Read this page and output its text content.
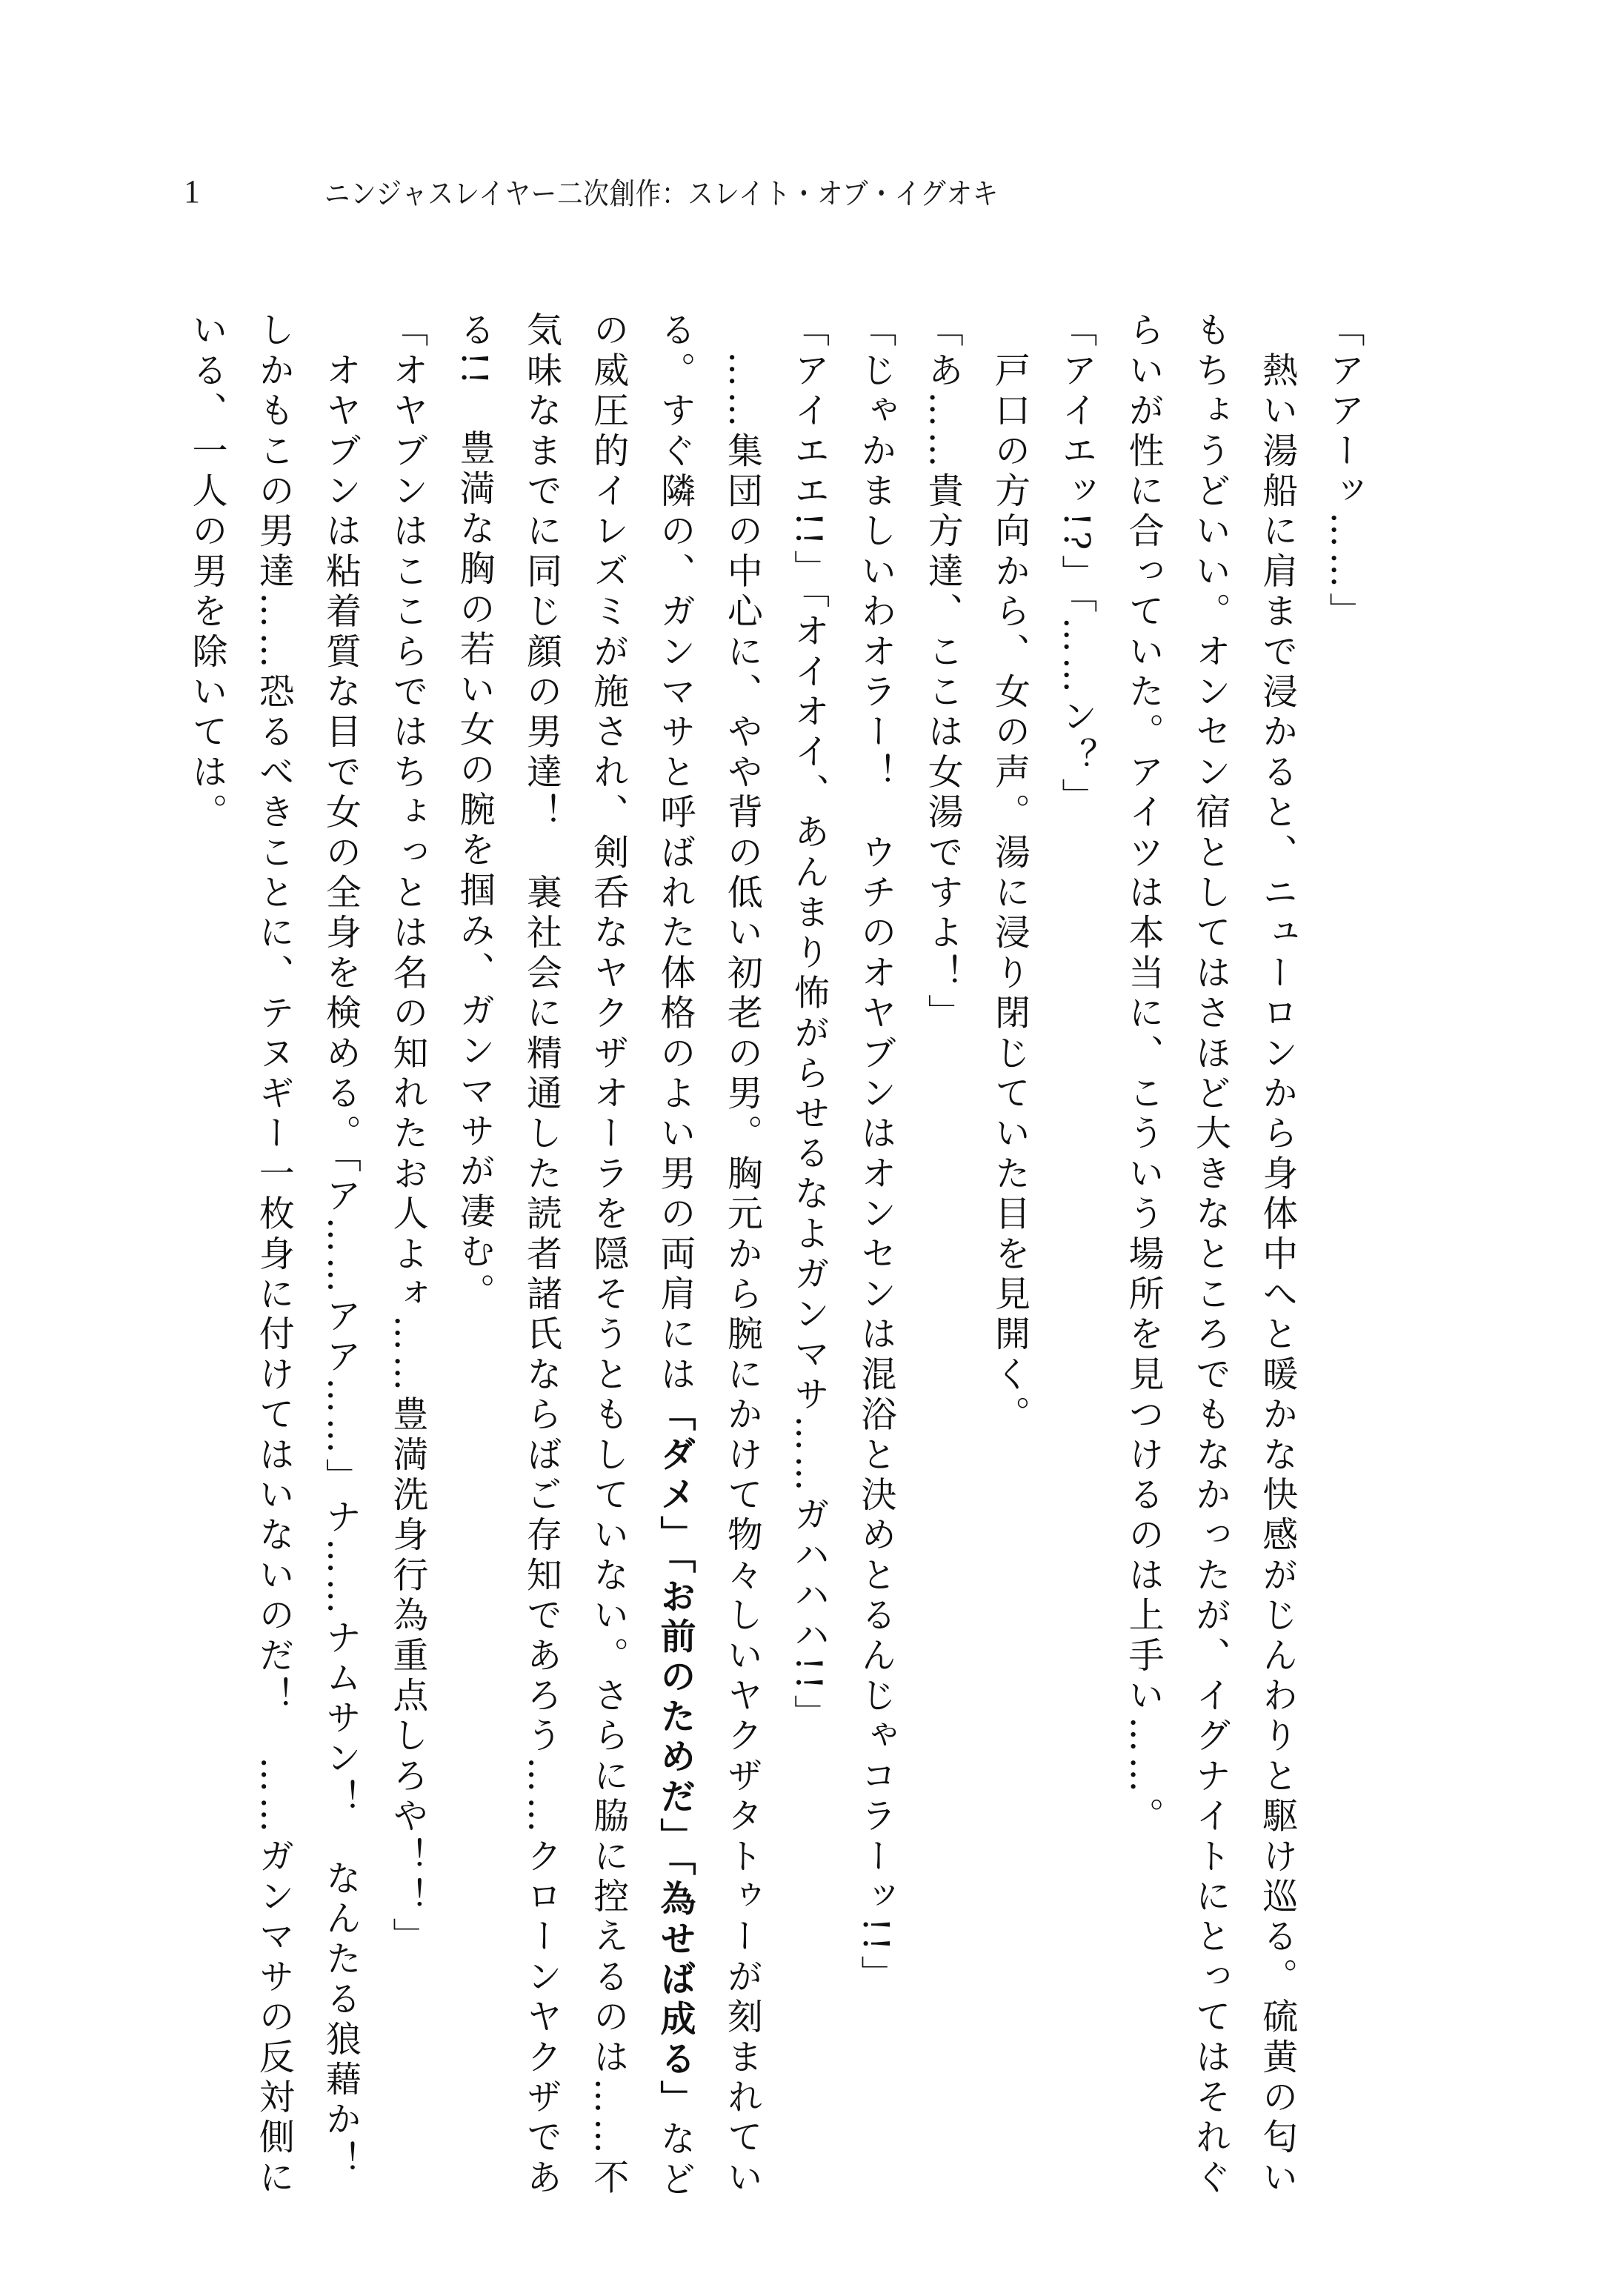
1	ニンジャスレイヤー二次創作：スレイト・オブ・イグオキ
「アアーッ……」
　熱い湯船に肩まで浸かると、ニューロンから身体中へと暖かな快感がじんわりと駆け巡る。硫黄の匂い
もちょうどいい。オンセン宿としてはさほど大きなところでもなかったが、イグナイトにとってはそれぐ
らいが性に合っていた。アイツは本当に、こういう場所を見つけるのは上手い……。
「アイエッ!?」「……ン？」
　戸口の方向から、女の声。湯に浸り閉じていた目を見開く。
「あ……貴方達、ここは女湯ですよ！」
「じゃかましいわオラー！　ウチのオヤブンはオンセンは混浴と決めとるんじゃコラーッ!!」
「アイエエ!!」「オイオイ、あんまり怖がらせるなよガンマサ……ガハハハ!!」
　……集団の中心に、やや背の低い初老の男。胸元から腕にかけて物々しいヤクザタトゥーが刻まれてい
る。すぐ隣の、ガンマサと呼ばれた体格のよい男の両肩には「ダメ」「お前のためだ」「為せば成る」など
の威圧的イレズミが施され、剣呑なヤクザオーラを隠そうともしていない。さらに脇に控えるのは……不
気味なまでに同じ顔の男達！　裏社会に精通した読者諸氏ならばご存知であろう……クローンヤクザであ
る!!　豊満な胸の若い女の腕を掴み、ガンマサが凄む。
「オヤブンはここらではちょっとは名の知れたお人よォ……豊満洗身行為重点しろや！！」
　オヤブンは粘着質な目で女の全身を検める。「ア……アア……」ナ……ナムサン！　なんたる狼藉か！
しかもこの男達……恐るべきことに、テヌギー一枚身に付けてはいないのだ！　……ガンマサの反対側に
いる、一人の男を除いては。
